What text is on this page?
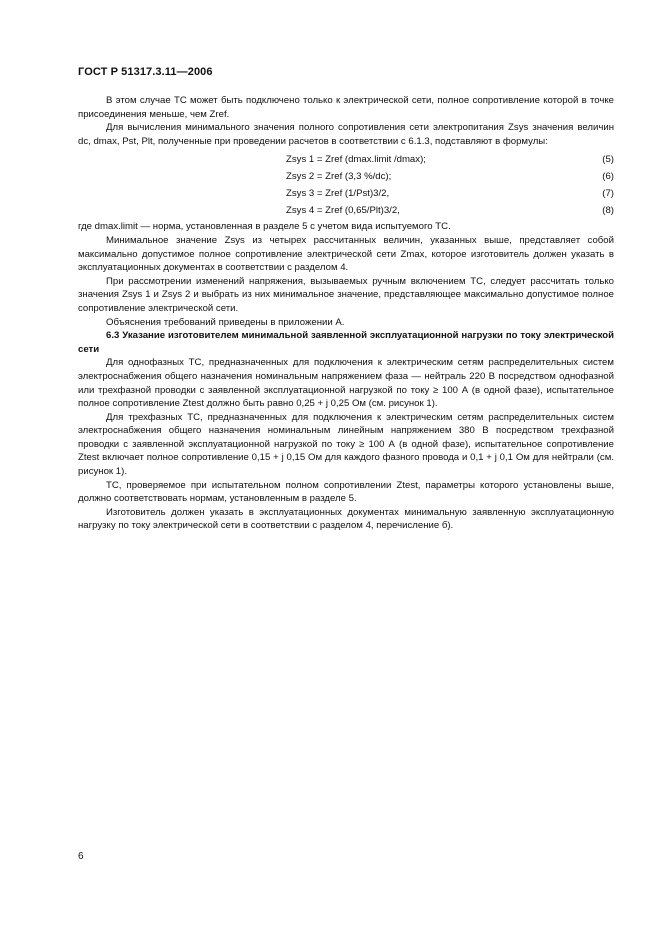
ГОСТ Р 51317.3.11—2006

В этом случае ТС может быть подключено только к электрической сети, полное сопротивление которой в точке присоединения меньше, чем Zref.

Для вычисления минимального значения полного сопротивления сети электропитания Zsys значения величин dc, dmax, Pst, Plt, полученные при проведении расчетов в соответствии с 6.1.3, подставляют в формулы:

Zsys 1 = Zref (dmax.limit /dmax);	(5)
Zsys 2 = Zref (3,3 %/dc);	(6)
Zsys 3 = Zref (1/Pst)3/2,	(7)
Zsys 4 = Zref (0,65/Plt)3/2,	(8)

где dmax.limit — норма, установленная в разделе 5 с учетом вида испытуемого ТС.

Минимальное значение Zsys из четырех рассчитанных величин, указанных выше, представляет собой максимально допустимое полное сопротивление электрической сети Zmax, которое изготовитель должен указать в эксплуатационных документах в соответствии с разделом 4.

При рассмотрении изменений напряжения, вызываемых ручным включением ТС, следует рассчитать только значения Zsys 1 и Zsys 2 и выбрать из них минимальное значение, представляющее максимально допустимое полное сопротивление электрической сети.

Объяснения требований приведены в приложении А.

6.3 Указание изготовителем минимальной заявленной эксплуатационной нагрузки по току электрической сети

Для однофазных ТС, предназначенных для подключения к электрическим сетям распределительных систем электроснабжения общего назначения номинальным напряжением фаза — нейтраль 220 В посредством однофазной или трехфазной проводки с заявленной эксплуатационной нагрузкой по току ≥ 100 А (в одной фазе), испытательное полное сопротивление Ztest должно быть равно 0,25 + j 0,25 Ом (см. рисунок 1).

Для трехфазных ТС, предназначенных для подключения к электрическим сетям распределительных систем электроснабжения общего назначения номинальным линейным напряжением 380 В посредством трехфазной проводки с заявленной эксплуатационной нагрузкой по току ≥ 100 А (в одной фазе), испытательное сопротивление Ztest включает полное сопротивление 0,15 + j 0,15 Ом для каждого фазного провода и 0,1 + j 0,1 Ом для нейтрали (см. рисунок 1).

ТС, проверяемое при испытательном полном сопротивлении Ztest, параметры которого установлены выше, должно соответствовать нормам, установленным в разделе 5.

Изготовитель должен указать в эксплуатационных документах минимальную заявленную эксплуатационную нагрузку по току электрической сети в соответствии с разделом 4, перечисление б).

6
